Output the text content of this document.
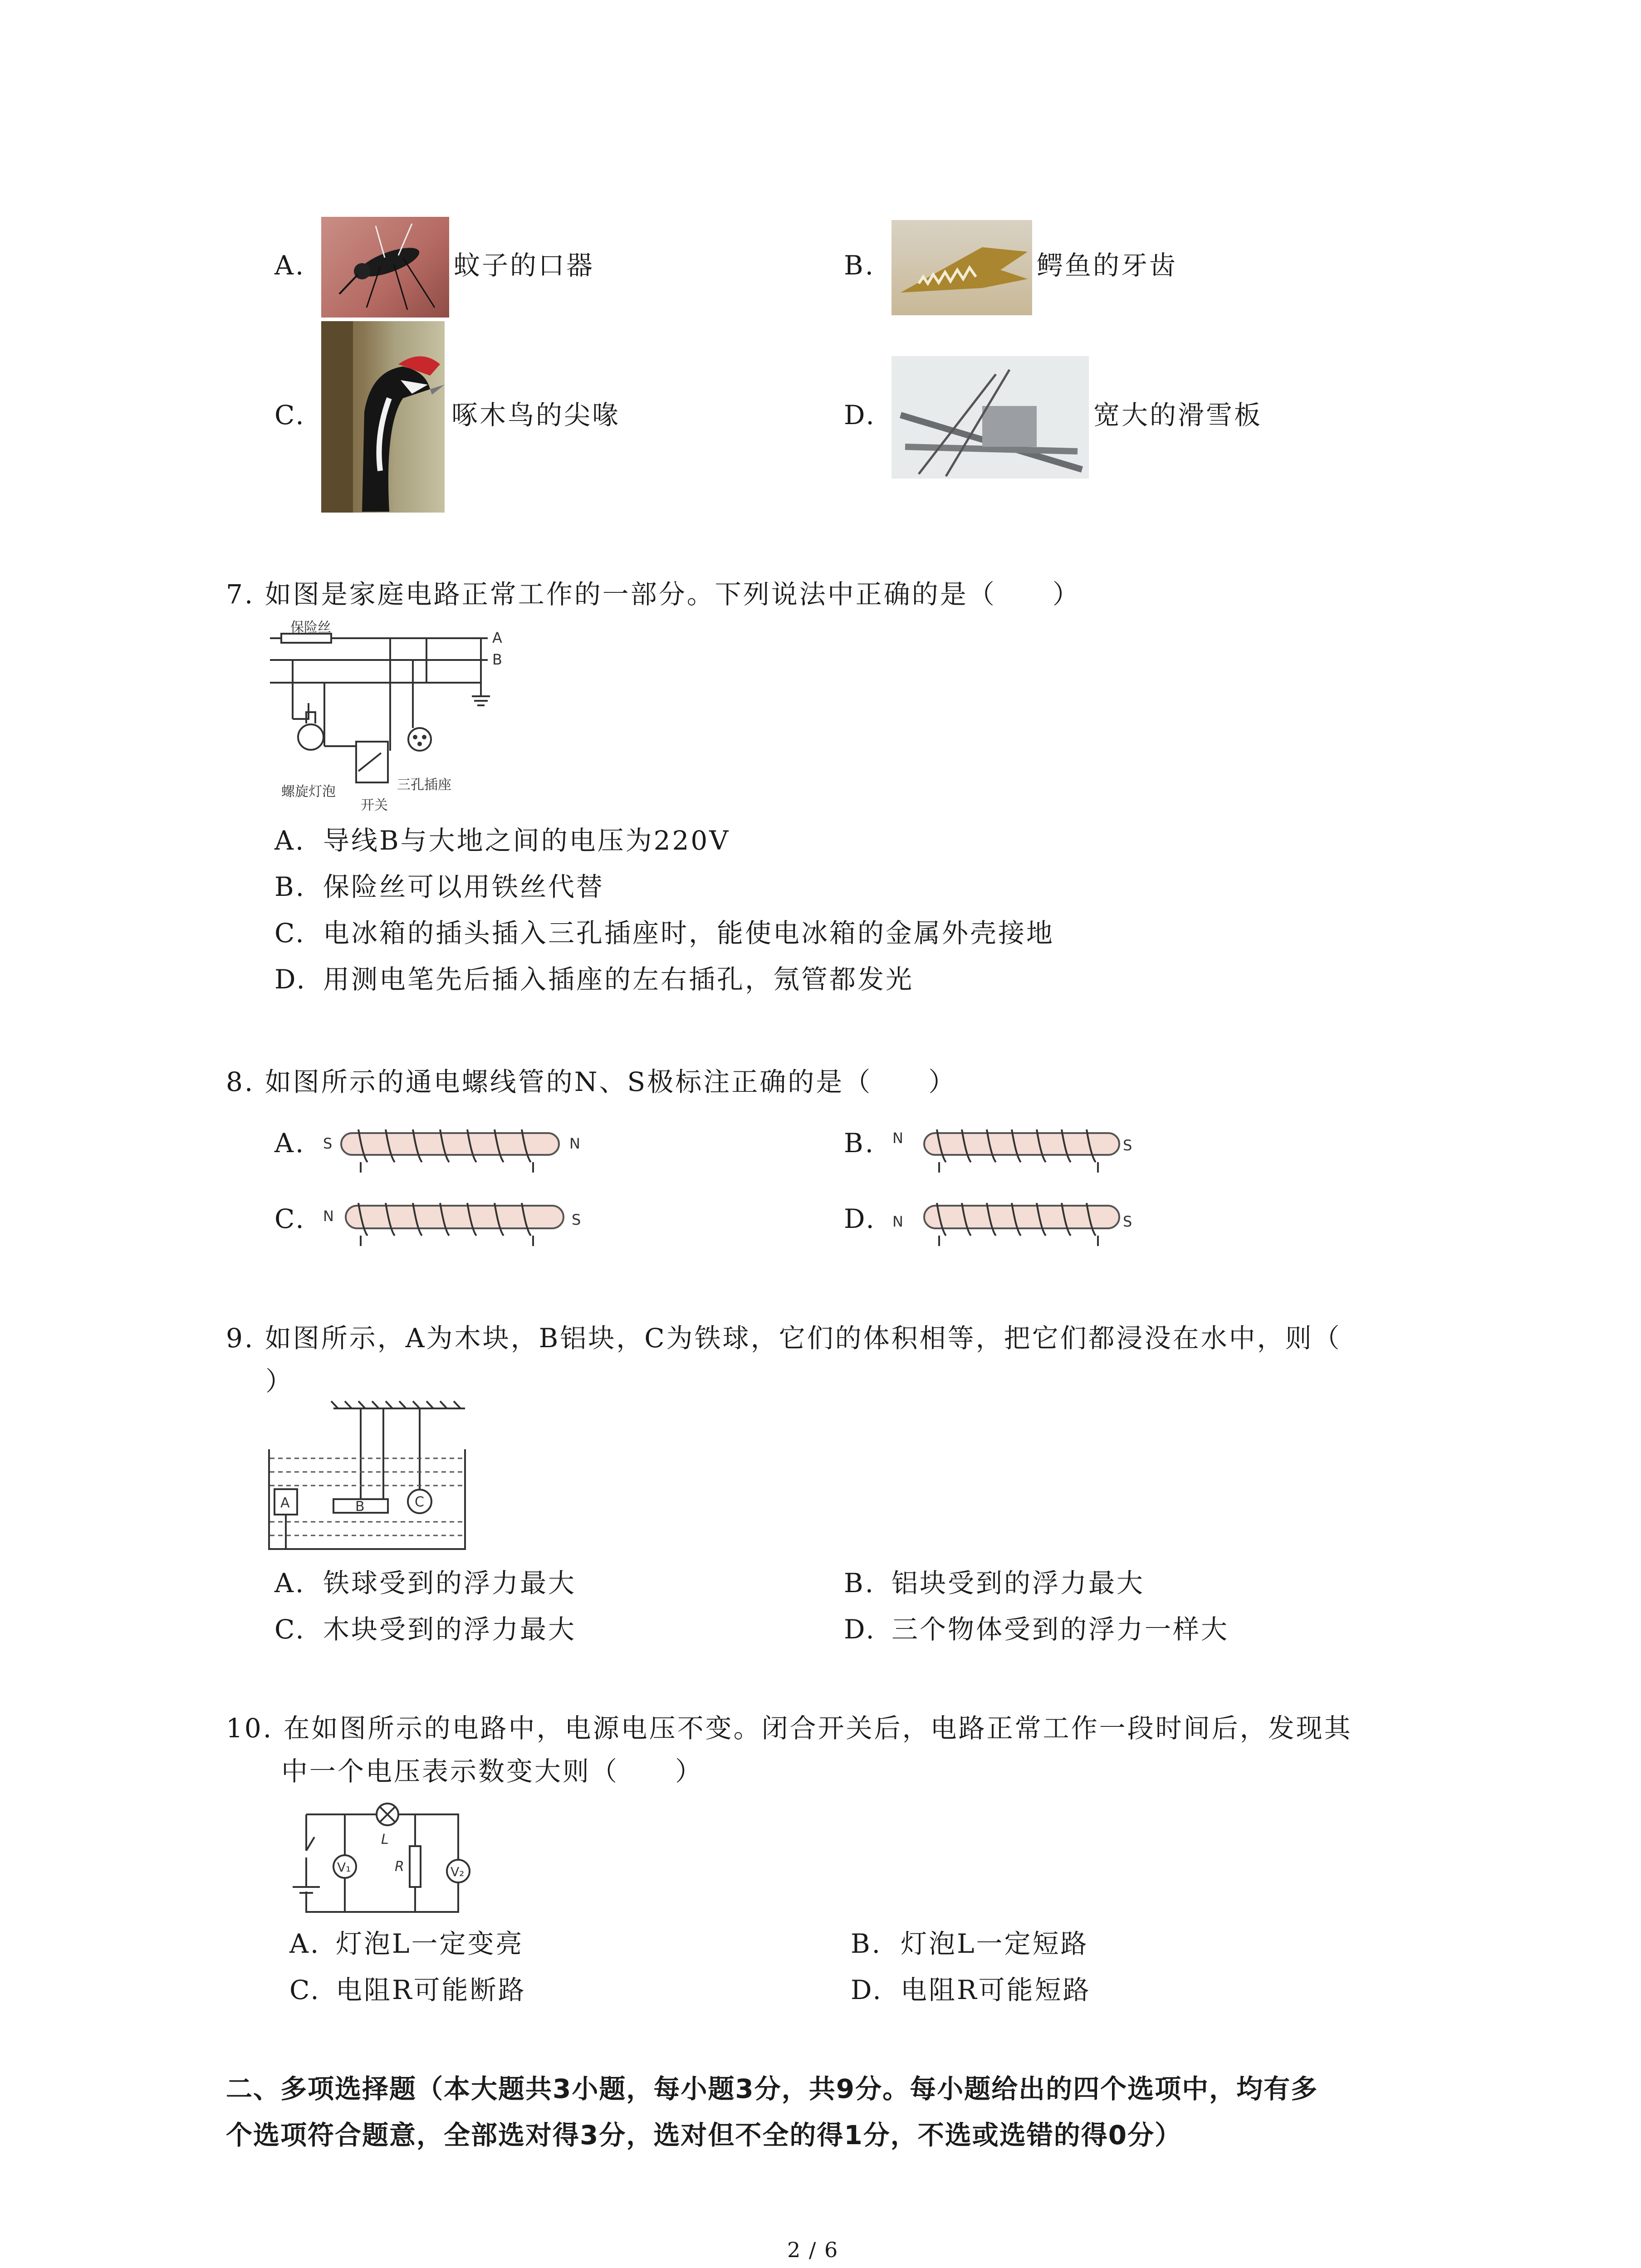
A.	蚊子的口器	B.	鳄鱼的牙齿
C.	啄木鸟的尖喙	D.	宽大的滑雪板
7. 如图是家庭电路正常工作的一部分。下列说法中正确的是（　　）
保险丝
A
B
螺旋灯泡
开关
三孔插座
A. 导线B与大地之间的电压为220V
B. 保险丝可以用铁丝代替
C. 电冰箱的插头插入三孔插座时，能使电冰箱的金属外壳接地
D. 用测电笔先后插入插座的左右插孔，氖管都发光
8. 如图所示的通电螺线管的N、S极标注正确的是（　　）
A. S	N	B. N	S
C. N	S	D. N	S
9. 如图所示，A为木块，B铝块，C为铁球，它们的体积相等，把它们都浸没在水中，则（
）
A	B	C
A. 铁球受到的浮力最大	B. 铝块受到的浮力最大
C. 木块受到的浮力最大	D. 三个物体受到的浮力一样大
10. 在如图所示的电路中，电源电压不变。闭合开关后，电路正常工作一段时间后，发现其
中一个电压表示数变大则（　　）
L
R
V₁	V₂
A. 灯泡L一定变亮	B. 灯泡L一定短路
C. 电阻R可能断路	D. 电阻R可能短路
二、多项选择题（本大题共3小题，每小题3分，共9分。每小题给出的四个选项中，均有多
个选项符合题意，全部选对得3分，选对但不全的得1分，不选或选错的得0分）
2 / 6
